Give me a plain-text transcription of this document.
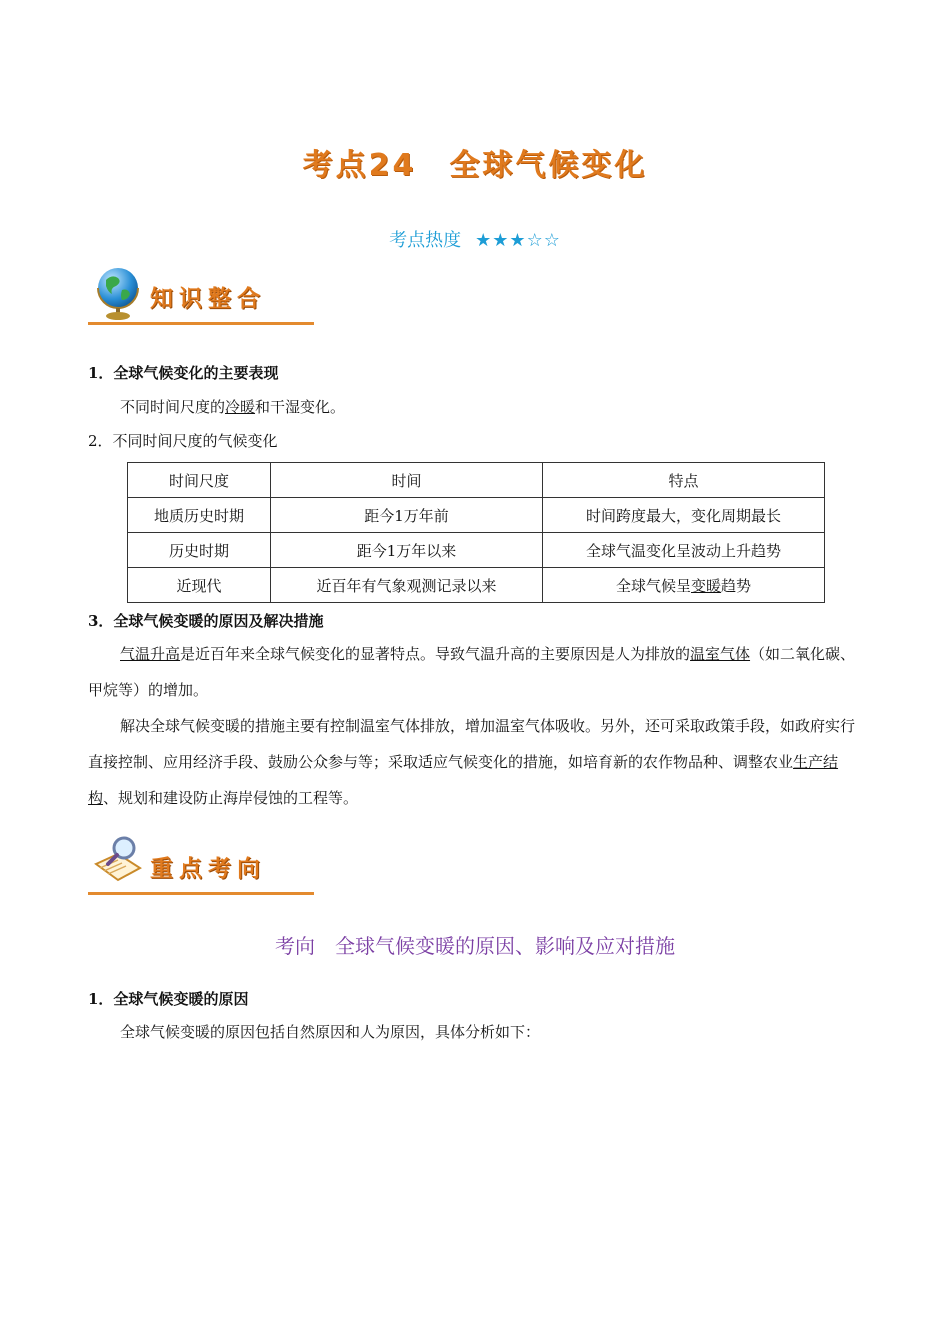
考点24　全球气候变化
考点热度 ★★★☆☆
知识整合
1．全球气候变化的主要表现
不同时间尺度的冷暖和干湿变化。
2．不同时间尺度的气候变化
时间尺度	时间	特点
地质历史时期	距今1万年前	时间跨度最大，变化周期最长
历史时期	距今1万年以来	全球气温变化呈波动上升趋势
近现代	近百年有气象观测记录以来	全球气候呈变暖趋势
3．全球气候变暖的原因及解决措施
气温升高是近百年来全球气候变化的显著特点。导致气温升高的主要原因是人为排放的温室气体（如二氧化碳、甲烷等）的增加。
解决全球气候变暖的措施主要有控制温室气体排放，增加温室气体吸收。另外，还可采取政策手段，如政府实行直接控制、应用经济手段、鼓励公众参与等；采取适应气候变化的措施，如培育新的农作物品种、调整农业生产结构、规划和建设防止海岸侵蚀的工程等。
重点考向
考向　全球气候变暖的原因、影响及应对措施
1．全球气候变暖的原因
全球气候变暖的原因包括自然原因和人为原因，具体分析如下：
